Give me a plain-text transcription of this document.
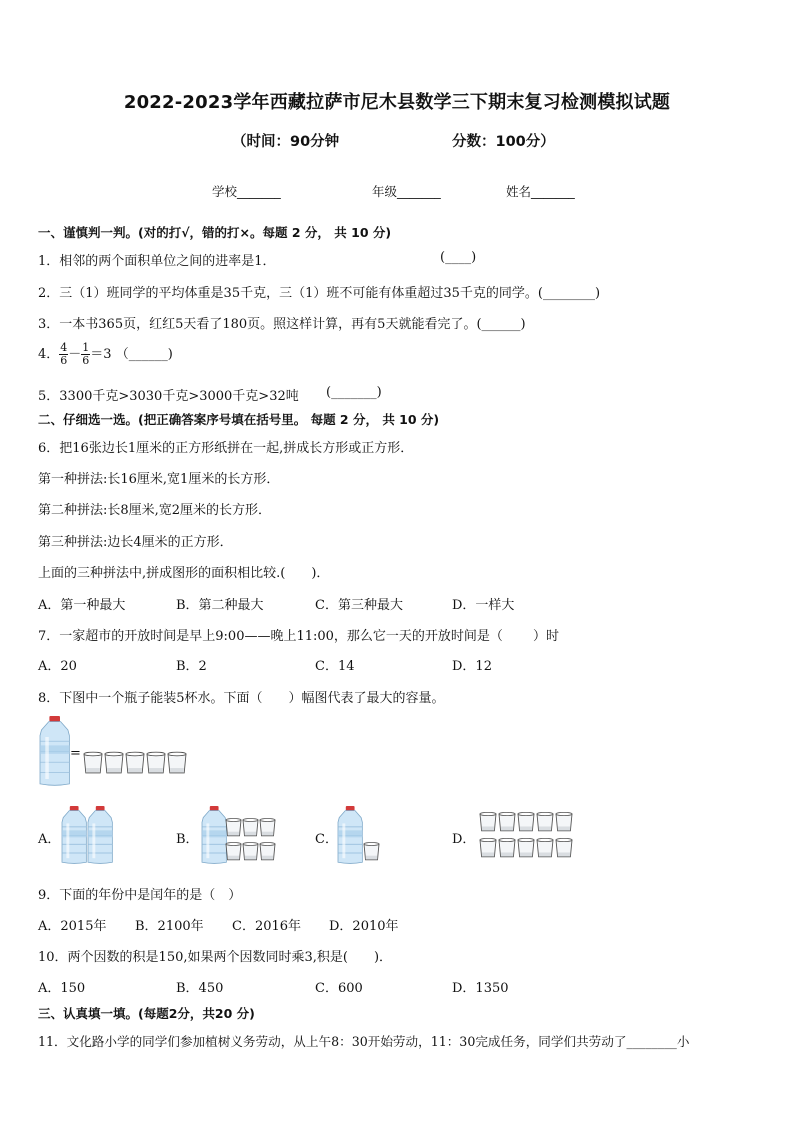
2022-2023学年西藏拉萨市尼木县数学三下期末复习检测模拟试题
（时间：90分钟	分数：100分）
学校_______	年级_______	姓名_______
一、谨慎判一判。(对的打√，错的打×。每题 2 分， 共 10 分)
1．相邻的两个面积单位之间的进率是1．	(____)
2．三（1）班同学的平均体重是35千克，三（1）班不可能有体重超过35千克的同学。(________)
3．一本书365页，红红5天看了180页。照这样计算，再有5天就能看完了。(______)
4． $\frac{4}{6} - \frac{1}{6} =3$ （______)
5．3300千克>3030千克>3000千克>32吨 (_______)
二、仔细选一选。(把正确答案序号填在括号里。 每题 2 分， 共 10 分)
6．把16张边长1厘米的正方形纸拼在一起,拼成长方形或正方形．
第一种拼法:长16厘米,宽1厘米的长方形．
第二种拼法:长8厘米,宽2厘米的长方形．
第三种拼法:边长4厘米的正方形．
上面的三种拼法中,拼成图形的面积相比较.(　　)．
A．第一种最大	B．第二种最大	C．第三种最大	D．一样大
7．一家超市的开放时间是早上9:00——晚上11:00，那么它一天的开放时间是（　　 ）时
A．20	B．2	C．14	D．12
8．下图中一个瓶子能装5杯水。下面（　　）幅图代表了最大的容量。
=
A．	B．	C．	D．
9．下面的年份中是闰年的是（　）
A．2015年 B．2100年 C．2016年 D．2010年
10．两个因数的积是150,如果两个因数同时乘3,积是(　　)．
A．150	B．450	C．600	D．1350
三、认真填一填。(每题2分，共20 分)
11．文化路小学的同学们参加植树义务劳动，从上午8：30开始劳动，11：30完成任务，同学们共劳动了________小
